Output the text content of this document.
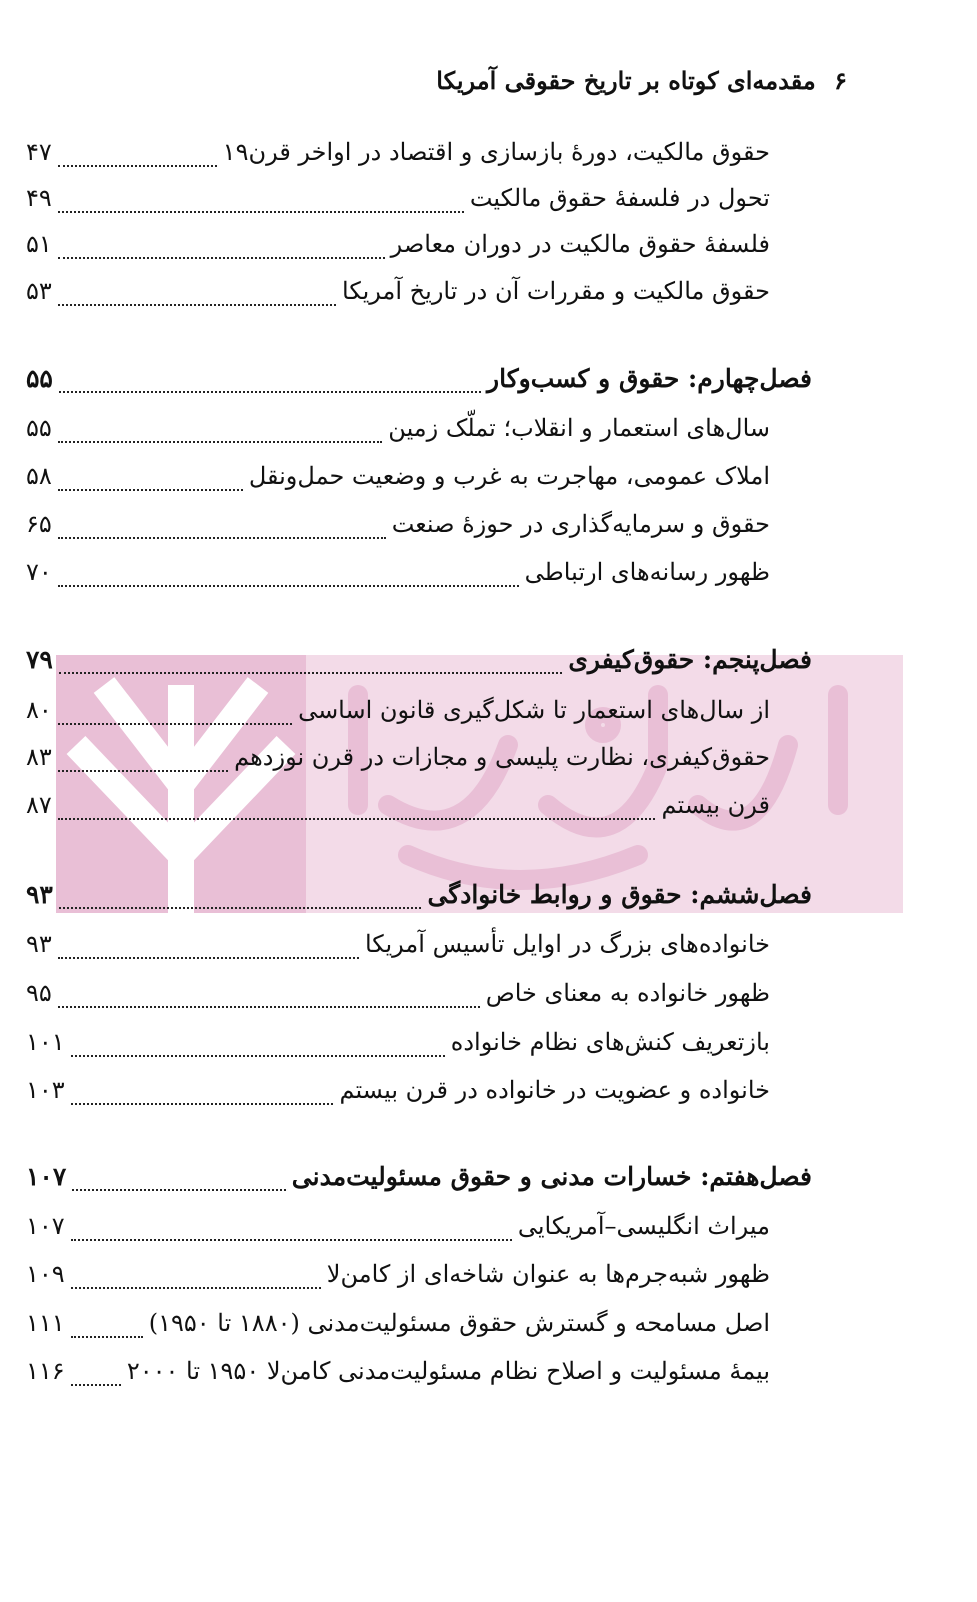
۶ مقدمه‌ای کوتاه بر تاریخ حقوقی آمریکا
حقوق مالکیت، دورهٔ بازسازی و اقتصاد در اواخر قرن۱۹
۴۷
تحول در فلسفهٔ حقوق مالکیت
۴۹
فلسفهٔ حقوق مالکیت در دوران معاصر
۵۱
حقوق مالکیت و مقررات آن در تاریخ آمریکا
۵۳
فصل‌چهارم: حقوق و کسب‌وکار
۵۵
سال‌های استعمار و انقلاب؛ تملّک زمین
۵۵
املاک عمومی، مهاجرت به غرب و وضعیت حمل‌ونقل
۵۸
حقوق و سرمایه‌گذاری در حوزهٔ صنعت
۶۵
ظهور رسانه‌های ارتباطی
۷۰
فصل‌پنجم: حقوق‌کیفری
۷۹
از سال‌های استعمار تا شکل‌گیری قانون اساسی
۸۰
حقوق‌کیفری، نظارت پلیسی و مجازات در قرن نوزدهم
۸۳
قرن بیستم
۸۷
فصل‌ششم: حقوق و روابط خانوادگی
۹۳
خانواده‌های بزرگ در اوایل تأسیس آمریکا
۹۳
ظهور خانواده به معنای خاص
۹۵
بازتعریف کنش‌های نظام خانواده
۱۰۱
خانواده و عضویت در خانواده در قرن بیستم
۱۰۳
فصل‌هفتم: خسارات مدنی و حقوق مسئولیت‌مدنی
۱۰۷
میراث انگلیسی–آمریکایی
۱۰۷
ظهور شبه‌جرم‌ها به عنوان شاخه‌ای از کامن‌لا
۱۰۹
اصل مسامحه و گسترش حقوق مسئولیت‌مدنی (۱۸۸۰ تا ۱۹۵۰)
۱۱۱
بیمهٔ مسئولیت و اصلاح نظام مسئولیت‌مدنی کامن‌لا ۱۹۵۰ تا ۲۰۰۰
۱۱۶
